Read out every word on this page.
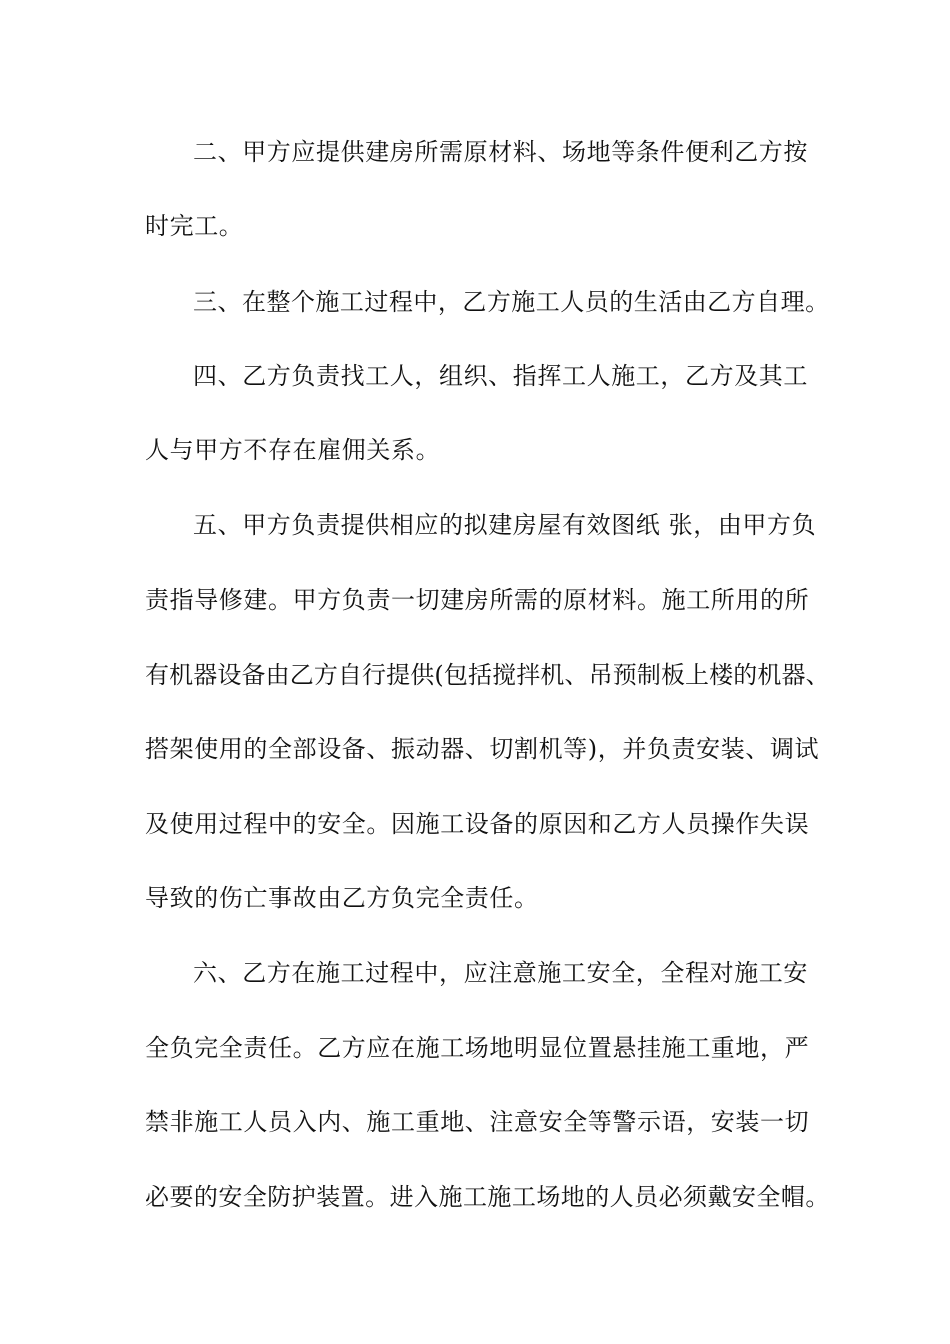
二、甲方应提供建房所需原材料、场地等条件便利乙方按
时完工。
三、在整个施工过程中，乙方施工人员的生活由乙方自理。
四、乙方负责找工人，组织、指挥工人施工，乙方及其工
人与甲方不存在雇佣关系。
五、甲方负责提供相应的拟建房屋有效图纸 张，由甲方负
责指导修建。甲方负责一切建房所需的原材料。施工所用的所
有机器设备由乙方自行提供(包括搅拌机、吊预制板上楼的机器、
搭架使用的全部设备、振动器、切割机等)，并负责安装、调试
及使用过程中的安全。因施工设备的原因和乙方人员操作失误
导致的伤亡事故由乙方负完全责任。
六、乙方在施工过程中，应注意施工安全，全程对施工安
全负完全责任。乙方应在施工场地明显位置悬挂施工重地，严
禁非施工人员入内、施工重地、注意安全等警示语，安装一切
必要的安全防护装置。进入施工施工场地的人员必须戴安全帽。
